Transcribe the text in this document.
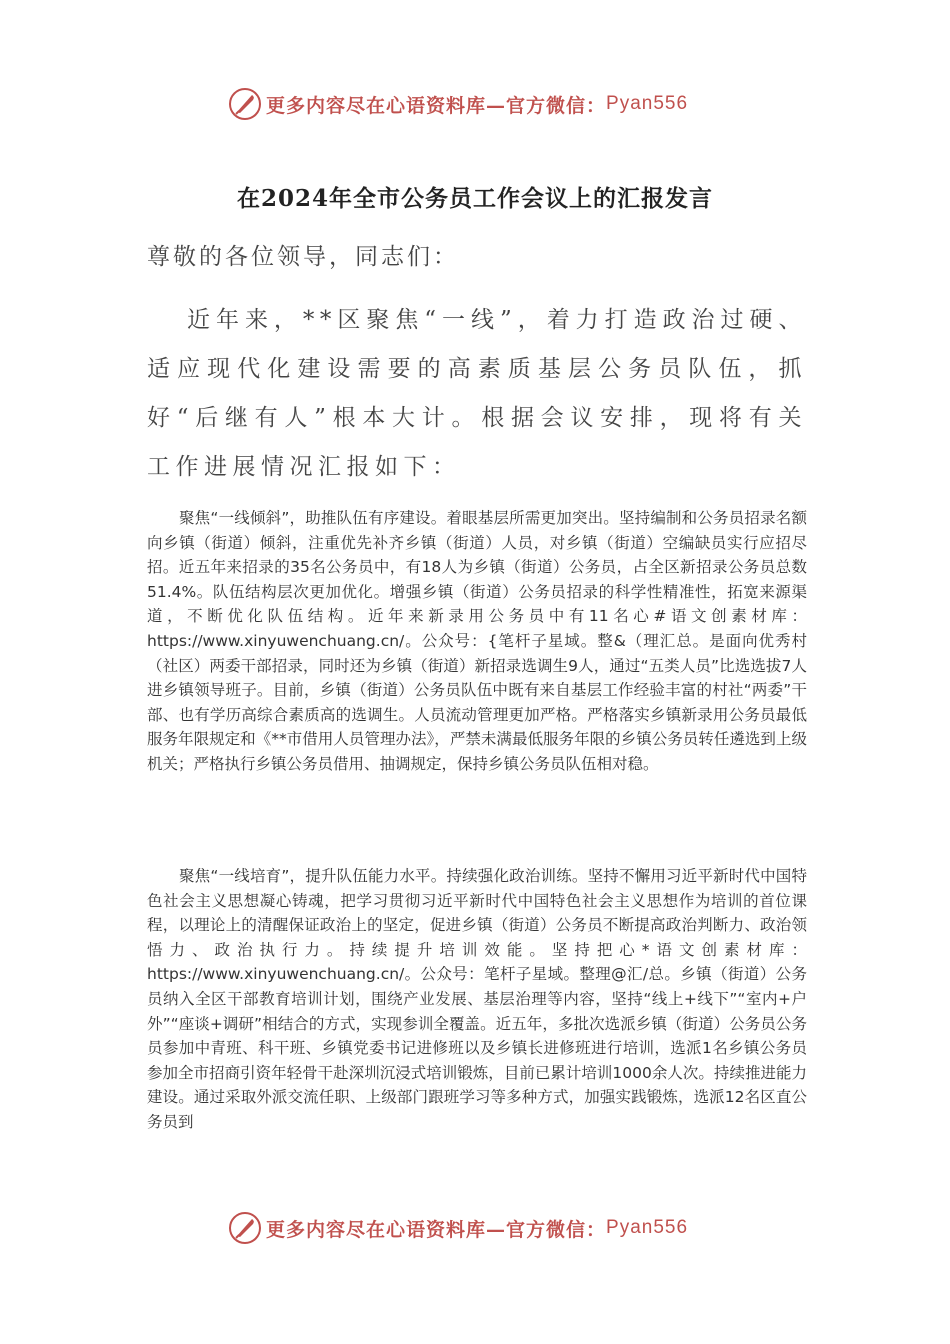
更多内容尽在心语资料库—官方微信： Pyan556
在2024年全市公务员工作会议上的汇报发言
尊敬的各位领导，同志们：

近年来，**区聚焦“一线”，着力打造政治过硬、适应现代化建设需要的高素质基层公务员队伍，抓好“后继有人”根本大计。根据会议安排，现将有关工作进展情况汇报如下：

聚焦“一线倾斜”，助推队伍有序建设。着眼基层所需更加突出。坚持编制和公务员招录名额向乡镇（街道）倾斜，注重优先补齐乡镇（街道）人员，对乡镇（街道）空编缺员实行应招尽招。近五年来招录的35名公务员中，有18人为乡镇（街道）公务员，占全区新招录公务员总数51.4%。队伍结构层次更加优化。增强乡镇（街道）公务员招录的科学性精准性，拓宽来源渠道，不断优化队伍结构。近年来新录用公务员中有11名心#语文创素材库：https://www.xinyuwenchuang.cn/。公众号：{笔杆子星域。整&（理汇总。是面向优秀村（社区）两委干部招录，同时还为乡镇（街道）新招录选调生9人，通过“五类人员”比选选拔7人进乡镇领导班子。目前，乡镇（街道）公务员队伍中既有来自基层工作经验丰富的村社“两委”干部、也有学历高综合素质高的选调生。人员流动管理更加严格。严格落实乡镇新录用公务员最低服务年限规定和《**市借用人员管理办法》，严禁未满最低服务年限的乡镇公务员转任遴选到上级机关；严格执行乡镇公务员借用、抽调规定，保持乡镇公务员队伍相对稳。

聚焦“一线培育”，提升队伍能力水平。持续强化政治训练。坚持不懈用习近平新时代中国特色社会主义思想凝心铸魂，把学习贯彻习近平新时代中国特色社会主义思想作为培训的首位课程，以理论上的清醒保证政治上的坚定，促进乡镇（街道）公务员不断提高政治判断力、政治领悟力、政治执行力。持续提升培训效能。坚持把心*语文创素材库：https://www.xinyuwenchuang.cn/。公众号：笔杆子星域。整理@汇/总。乡镇（街道）公务员纳入全区干部教育培训计划，围绕产业发展、基层治理等内容，坚持“线上+线下”“室内+户外”“座谈+调研”相结合的方式，实现参训全覆盖。近五年，多批次选派乡镇（街道）公务员公务员参加中青班、科干班、乡镇党委书记进修班以及乡镇长进修班进行培训，选派1名乡镇公务员参加全市招商引资年轻骨干赴深圳沉浸式培训锻炼，目前已累计培训1000余人次。持续推进能力建设。通过采取外派交流任职、上级部门跟班学习等多种方式，加强实践锻炼，选派12名区直公务员到

更多内容尽在心语资料库—官方微信： Pyan556
